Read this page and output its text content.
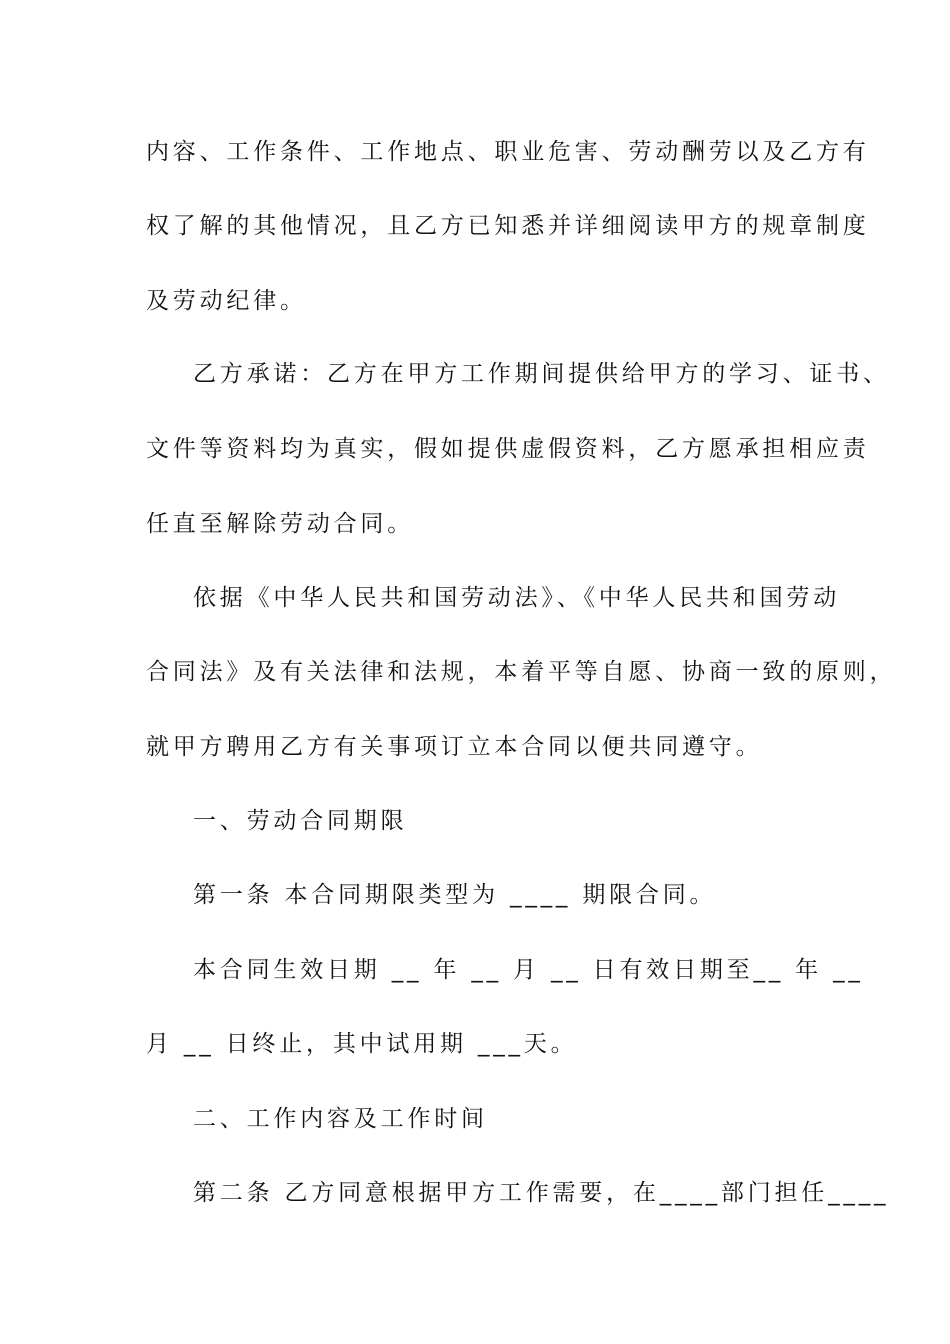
内容、工作条件、工作地点、职业危害、劳动酬劳以及乙方有
权了解的其他情况，且乙方已知悉并详细阅读甲方的规章制度
及劳动纪律。
乙方承诺：乙方在甲方工作期间提供给甲方的学习、证书、
文件等资料均为真实，假如提供虚假资料，乙方愿承担相应责
任直至解除劳动合同。
依据《中华人民共和国劳动法》、《中华人民共和国劳动
合同法》及有关法律和法规，本着平等自愿、协商一致的原则，
就甲方聘用乙方有关事项订立本合同以便共同遵守。
一、劳动合同期限
第一条 本合同期限类型为 ____ 期限合同。
本合同生效日期 __ 年 __ 月 __ 日有效日期至__ 年 __
月 __ 日终止，其中试用期 ___天。
二、工作内容及工作时间
第二条 乙方同意根据甲方工作需要，在____部门担任____
